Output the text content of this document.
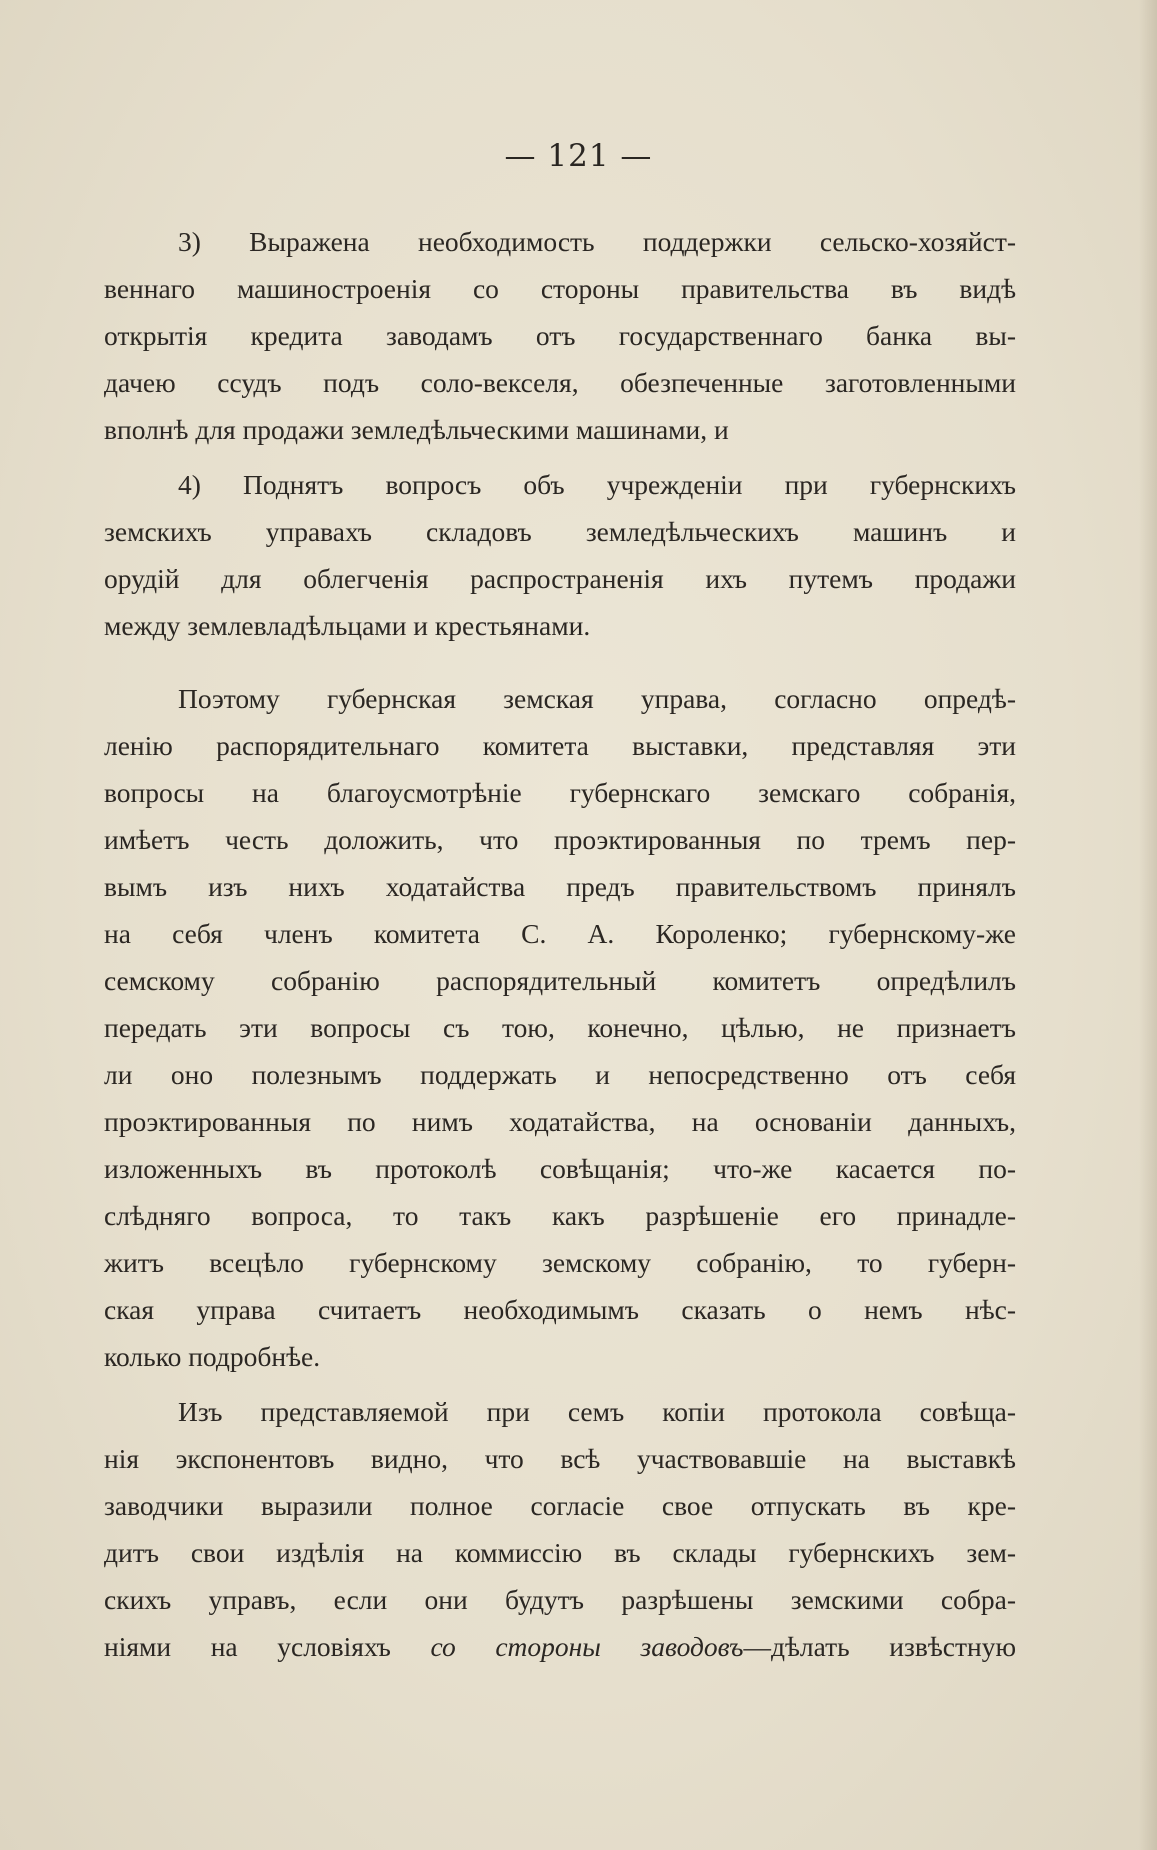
— 121 —
3) Выражена необходимость поддержки сельско-хозяйст-
веннаго машиностроенія со стороны правительства въ видѣ
открытія кредита заводамъ отъ государственнаго банка вы-
дачею ссудъ подъ соло-векселя, обезпеченные заготовленными
вполнѣ для продажи земледѣльческими машинами, и
4) Поднятъ вопросъ объ учрежденіи при губернскихъ
земскихъ управахъ складовъ земледѣльческихъ машинъ и
орудій для облегченія распространенія ихъ путемъ продажи
между землевладѣльцами и крестьянами.
Поэтому губернская земская управа, согласно опредѣ-
ленію распорядительнаго комитета выставки, представляя эти
вопросы на благоусмотрѣніе губернскаго земскаго собранія,
имѣетъ честь доложить, что проэктированныя по тремъ пер-
вымъ изъ нихъ ходатайства предъ правительствомъ принялъ
на себя членъ комитета С. А. Короленко; губернскому-же
семскому собранію распорядительный комитетъ опредѣлилъ
передать эти вопросы съ тою, конечно, цѣлью, не признаетъ
ли оно полезнымъ поддержать и непосредственно отъ себя
проэктированныя по нимъ ходатайства, на основаніи данныхъ,
изложенныхъ въ протоколѣ совѣщанія; что-же касается по-
слѣдняго вопроса, то такъ какъ разрѣшеніе его принадле-
житъ всецѣло губернскому земскому собранію, то губерн-
ская управа считаетъ необходимымъ сказать о немъ нѣс-
колько подробнѣе.
Изъ представляемой при семъ копіи протокола совѣща-
нія экспонентовъ видно, что всѣ участвовавшіе на выставкѣ
заводчики выразили полное согласіе свое отпускать въ кре-
дитъ свои издѣлія на коммиссію въ склады губернскихъ зем-
скихъ управъ, если они будутъ разрѣшены земскими собра-
ніями на условіяхъ со стороны заводовъ—дѣлать извѣстную
